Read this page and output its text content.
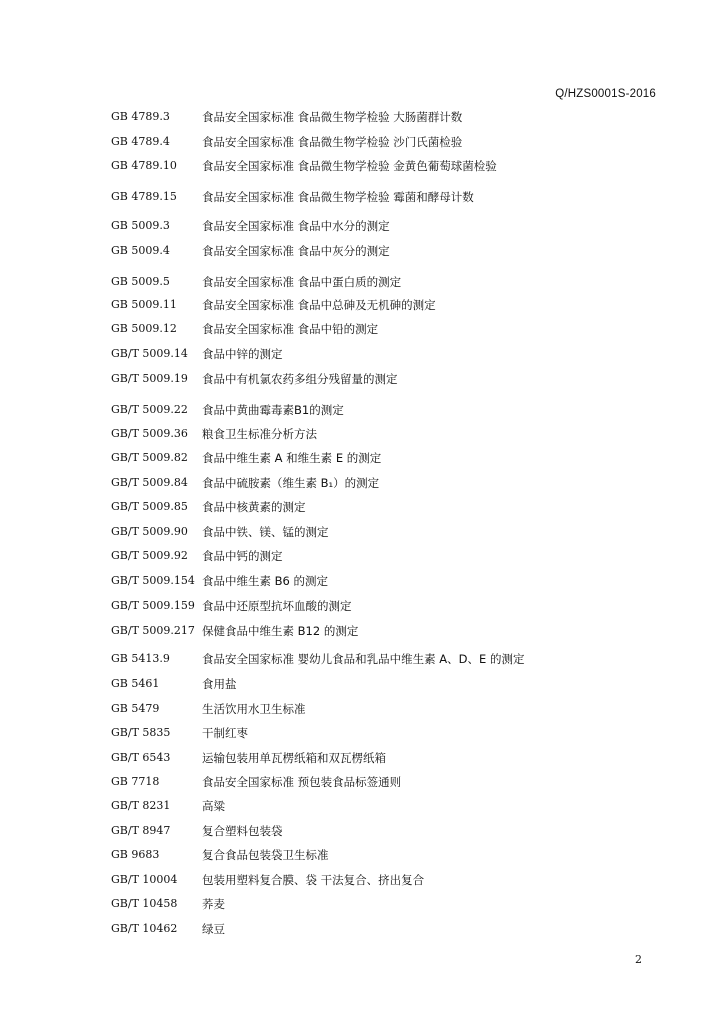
Q/HZS0001S-2016
GB 4789.3	食品安全国家标准 食品微生物学检验 大肠菌群计数
GB 4789.4	食品安全国家标准 食品微生物学检验 沙门氏菌检验
GB 4789.10 食品安全国家标准 食品微生物学检验 金黄色葡萄球菌检验
GB 4789.15 食品安全国家标准 食品微生物学检验 霉菌和酵母计数
GB 5009.3	食品安全国家标准 食品中水分的测定
GB 5009.4	食品安全国家标准 食品中灰分的测定
GB 5009.5	食品安全国家标准 食品中蛋白质的测定
GB 5009.11 食品安全国家标准 食品中总砷及无机砷的测定
GB 5009.12 食品安全国家标准 食品中铅的测定
GB/T 5009.14 食品中锌的测定
GB/T 5009.19 食品中有机氯农药多组分残留量的测定
GB/T 5009.22 食品中黄曲霉毒素B1的测定
GB/T 5009.36 粮食卫生标准分析方法
GB/T 5009.82 食品中维生素 A 和维生素 E 的测定
GB/T 5009.84 食品中硫胺素（维生素 B₁）的测定
GB/T 5009.85 食品中核黄素的测定
GB/T 5009.90 食品中铁、镁、锰的测定
GB/T 5009.92 食品中钙的测定
GB/T 5009.154 食品中维生素 B6 的测定
GB/T 5009.159 食品中还原型抗坏血酸的测定
GB/T 5009.217 保健食品中维生素 B12 的测定
GB 5413.9	食品安全国家标准 婴幼儿食品和乳品中维生素 A、D、E 的测定
GB 5461	食用盐
GB 5479	生活饮用水卫生标准
GB/T 5835	干制红枣
GB/T 6543	运输包装用单瓦楞纸箱和双瓦楞纸箱
GB 7718	食品安全国家标准 预包装食品标签通则
GB/T 8231	高粱
GB/T 8947	复合塑料包装袋
GB 9683	复合食品包装袋卫生标准
GB/T 10004 包装用塑料复合膜、袋 干法复合、挤出复合
GB/T 10458 荞麦
GB/T 10462 绿豆
2
